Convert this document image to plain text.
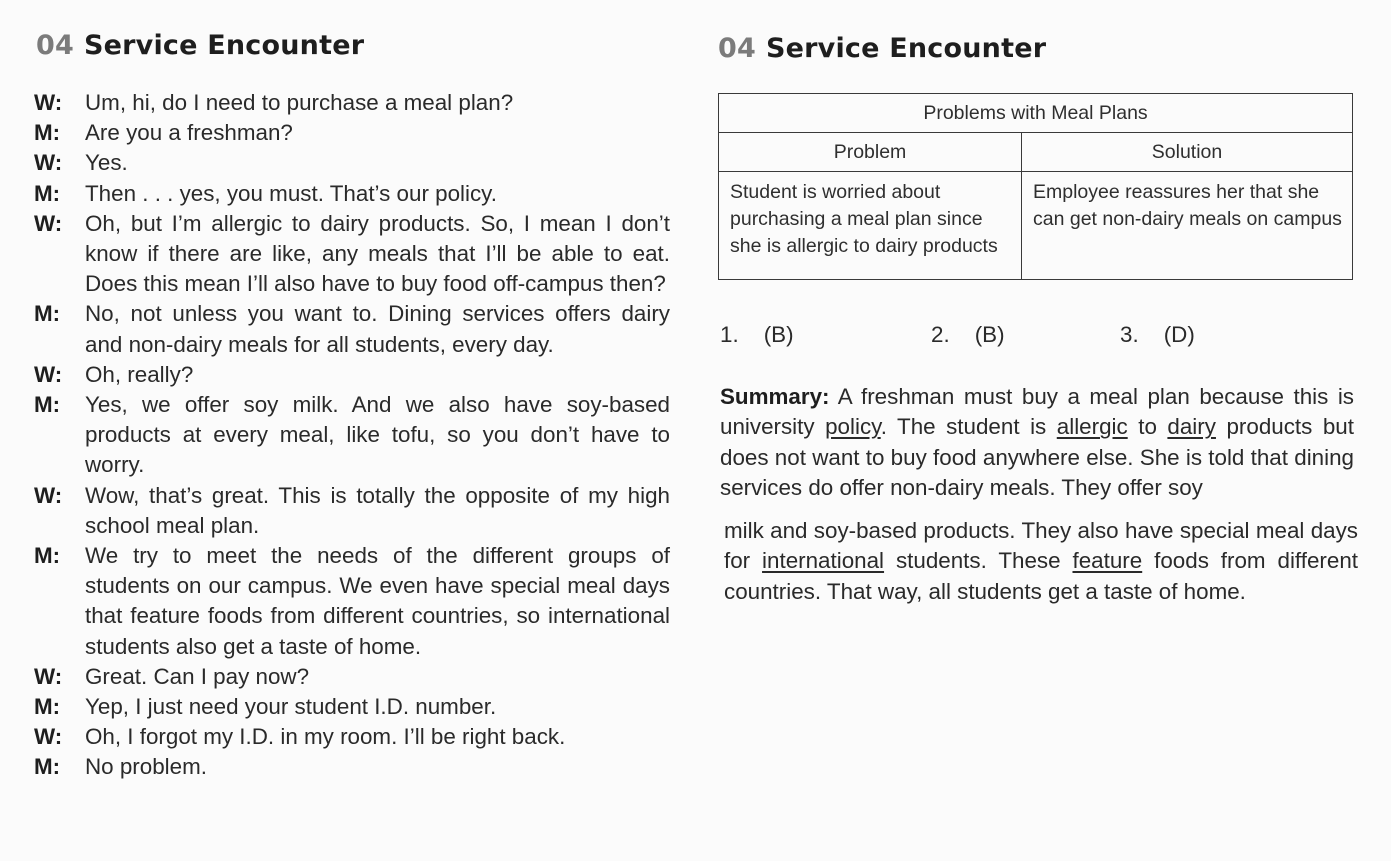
04 Service Encounter
W: Um, hi, do I need to purchase a meal plan?
M: Are you a freshman?
W: Yes.
M: Then . . . yes, you must. That’s our policy.
W: Oh, but I’m allergic to dairy products. So, I mean I don’t know if there are like, any meals that I’ll be able to eat. Does this mean I’ll also have to buy food off-campus then?
M: No, not unless you want to. Dining services offers dairy and non-dairy meals for all students, every day.
W: Oh, really?
M: Yes, we offer soy milk. And we also have soy-based products at every meal, like tofu, so you don’t have to worry.
W: Wow, that’s great. This is totally the opposite of my high school meal plan.
M: We try to meet the needs of the different groups of students on our campus. We even have special meal days that feature foods from different countries, so international students also get a taste of home.
W: Great. Can I pay now?
M: Yep, I just need your student I.D. number.
W: Oh, I forgot my I.D. in my room. I’ll be right back.
M: No problem.
04 Service Encounter
Problems with Meal Plans	
Problem	Solution
Student is worried about purchasing a meal plan since she is allergic to dairy products	Employee reassures her that she can get non-dairy meals on campus
1. (B)	2. (B)	3. (D)

Summary: A freshman must buy a meal plan because this is university policy. The student is allergic to dairy products but does not want to buy food anywhere else. She is told that dining services do offer non-dairy meals. They offer soy

milk and soy-based products. They also have special meal days for international students. These feature foods from different countries. That way, all students get a taste of home.
